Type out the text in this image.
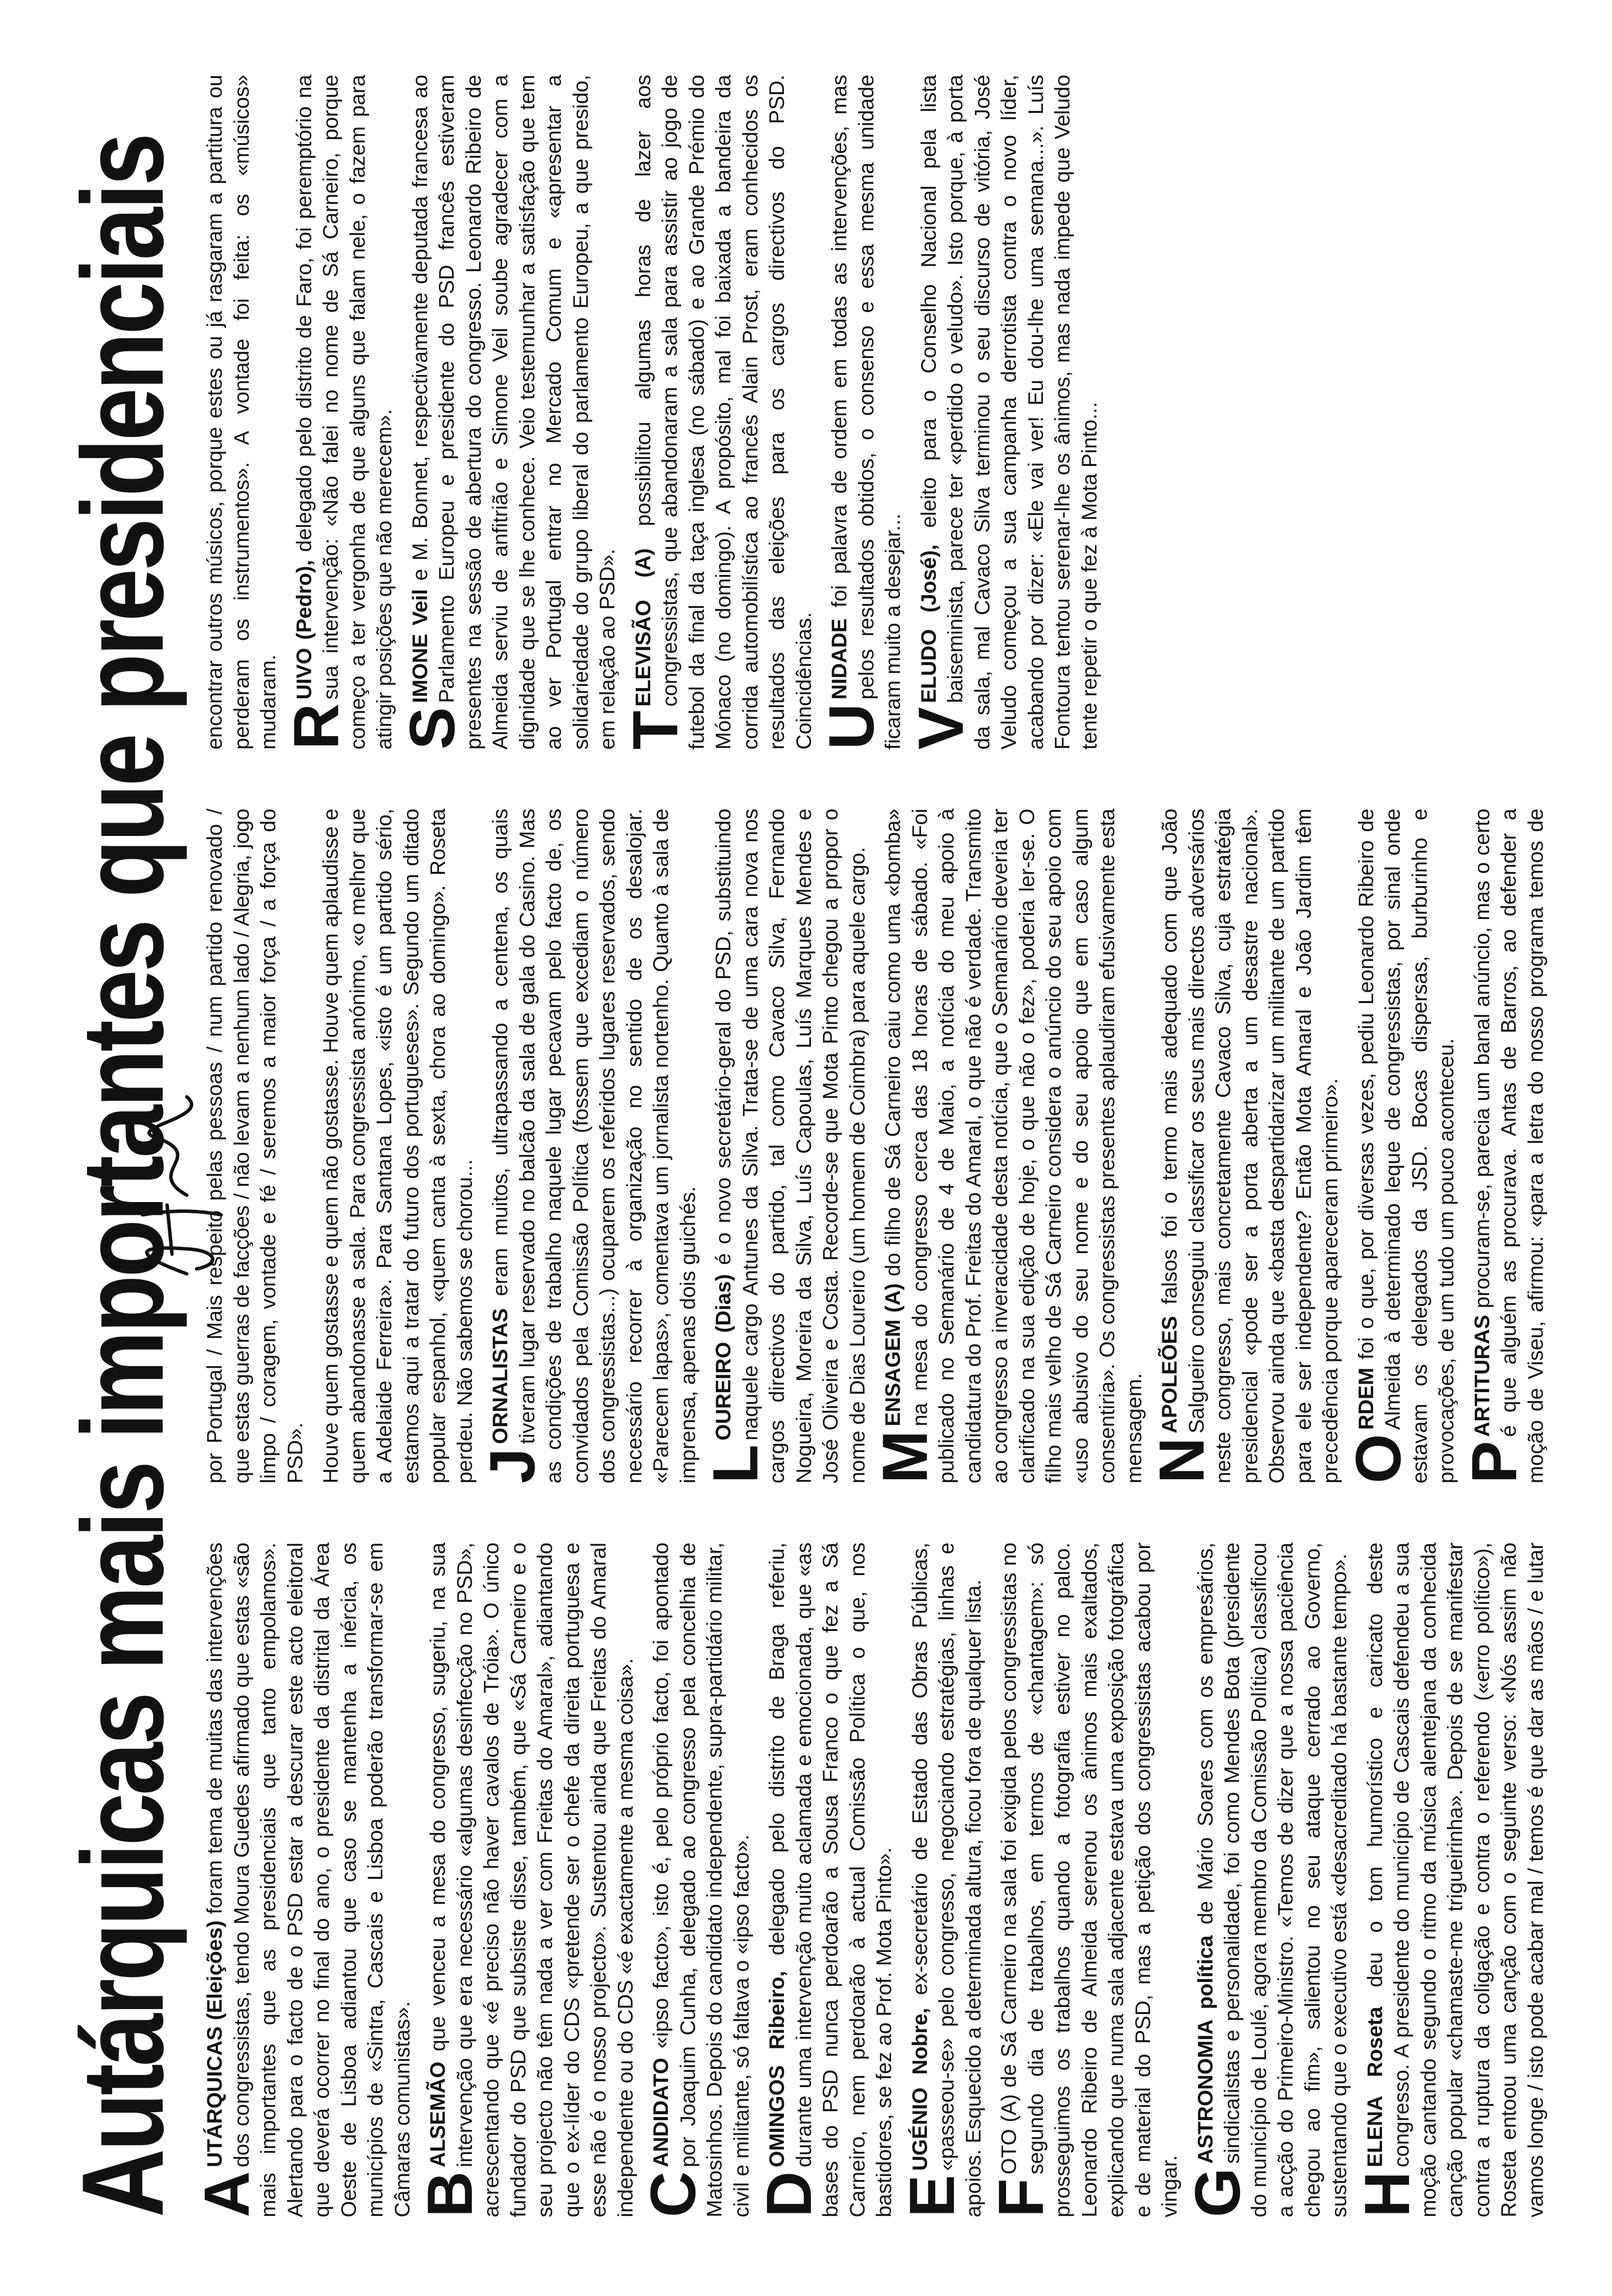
Autárquicas mais importantes que presidenciais A
UTÁRQUICAS (Eleições) foram tema de muitas das intervenções dos congressistas, tendo Moura Guedes afirmado que estas «são mais importantes que as presidenciais que tanto empolamos». Alertando para o facto de o PSD estar a descurar este acto eleitoral que deverá ocorrer no final do ano, o presidente da distrital da Área Oeste de Lisboa adiantou que caso se mantenha a inércia, os municípios de «Sintra, Cascais e Lisboa poderão transformar-se em Câmaras comunistas». B
ALSEMÃO que venceu a mesa do congresso, sugeriu, na sua intervenção que era necessário «algumas desinfecção no PSD», acrescentando que «é preciso não haver cavalos de Tróia». O único fundador do PSD que subsiste disse, também, que «Sá Carneiro e o seu projecto não têm nada a ver com Freitas do Amaral», adiantando que o ex-líder do CDS «pretende ser o chefe da direita portuguesa e esse não é o nosso projecto». Sustentou ainda que Freitas do Amaral independente ou do CDS «é exactamente a mesma coisa». C
ANDIDATO «ipso facto», isto é, pelo próprio facto, foi apontado por Joaquim Cunha, delegado ao congresso pela concelhia de Matosinhos. Depois do candidato independente, supra-partidário militar, civil e militante, só faltava o «ipso facto». D
OMINGOS Ribeiro, delegado pelo distrito de Braga referiu, durante uma intervenção muito aclamada e emocionada, que «as bases do PSD nunca perdoarão a Sousa Franco o que fez a Sá Carneiro, nem perdoarão à actual Comissão Política o que, nos bastidores, se fez ao Prof. Mota Pinto». E
UGÉNIO Nobre, ex-secretário de Estado das Obras Públicas, «passeou-se» pelo congresso, negociando estratégias, linhas e apoios. Esquecido a determinada altura, ficou fora de qualquer lista. F
OTO (A) de Sá Carneiro na sala foi exigida pelos congressistas no segundo dia de trabalhos, em termos de «chantagem»: só prosseguimos os trabalhos quando a fotografia estiver no palco. Leonardo Ribeiro de Almeida serenou os ânimos mais exaltados, explicando que numa sala adjacente estava uma exposição fotográfica e de material do PSD, mas a petição dos congressistas acabou por vingar. G
ASTRONOMIA política de Mário Soares com os empresários, sindicalistas e personalidade, foi como Mendes Bota (presidente do município de Loulé, agora membro da Comissão Política) classificou a acção do Primeiro-Ministro. «Temos de dizer que a nossa paciência chegou ao fim», salientou no seu ataque cerrado ao Governo, sustentando que o executivo está «desacreditado há bastante tempo». H
ELENA Roseta deu o tom humorístico e caricato deste congresso. A presidente do município de Cascais defendeu a sua moção cantando segundo o ritmo da música alentejana da conhecida canção popular «chamaste-me trigueirinha». Depois de se manifestar contra a ruptura da coligação e contra o referendo («erro político»), Roseta entoou uma canção com o seguinte verso: «Nós assim não vamos longe / isto pode acabar mal / temos é que dar as mãos / e lutar por Portugal / Mais respeito pelas pessoas / num partido renovado / que estas guerras de facções / não levam a nenhum lado / Alegria, jogo limpo / coragem, vontade e fé / seremos a maior força / a força do PSD». Houve quem gostasse e quem não gostasse. Houve quem aplaudisse e quem abandonasse a sala. Para congressista anónimo, «o melhor que a Adelaide Ferreira». Para Santana Lopes, «isto é um partido sério, estamos aqui a tratar do futuro dos portugueses». Segundo um ditado popular espanhol, «quem canta à sexta, chora ao domingo». Roseta perdeu. Não sabemos se chorou... J
ORNALISTAS eram muitos, ultrapassando a centena, os quais tiveram lugar reservado no balcão da sala de gala do Casino. Mas as condições de trabalho naquele lugar pecavam pelo facto de, os convidados pela Comissão Política (fossem que excediam o número dos congressistas...) ocuparem os referidos lugares reservados, sendo necessário recorrer à organização no sentido de os desalojar. «Parecem lapas», comentava um jornalista nortenho. Quanto à sala de imprensa, apenas dois guichés. L
OUREIRO (Dias) é o novo secretário-geral do PSD, substituindo naquele cargo Antunes da Silva. Trata-se de uma cara nova nos cargos directivos do partido, tal como Cavaco Silva, Fernando Nogueira, Moreira da Silva, Luís Capoulas, Luís Marques Mendes e José Oliveira e Costa. Recorde-se que Mota Pinto chegou a propor o nome de Dias Loureiro (um homem de Coimbra) para aquele cargo. M
ENSAGEM (A) do filho de Sá Carneiro caiu como uma «bomba» na mesa do congresso cerca das 18 horas de sábado. «Foi publicado no Semanário de 4 de Maio, a notícia do meu apoio à candidatura do Prof. Freitas do Amaral, o que não é verdade. Transmito ao congresso a inveracidade desta notícia, que o Semanário deveria ter clarificado na sua edição de hoje, o que não o fez», poderia ler-se. O filho mais velho de Sá Carneiro considera o anúncio do seu apoio com «uso abusivo do seu nome e do seu apoio que em caso algum consentiria». Os congressistas presentes aplaudiram efusivamente esta mensagem. N
APOLEÕES falsos foi o termo mais adequado com que João Salgueiro conseguiu classificar os seus mais directos adversários neste congresso, mais concretamente Cavaco Silva, cuja estratégia presidencial «pode ser a porta aberta a um desastre nacional». Observou ainda que «basta despartidarizar um militante de um partido para ele ser independente? Então Mota Amaral e João Jardim têm precedência porque apareceram primeiro». O
RDEM foi o que, por diversas vezes, pediu Leonardo Ribeiro de Almeida à determinado leque de congressistas, por sinal onde estavam os delegados da JSD. Bocas dispersas, burburinho e provocações, de um tudo um pouco aconteceu. P
ARTITURAS procuram-se, parecia um banal anúncio, mas o certo é que alguém as procurava. Antas de Barros, ao defender a moção de Viseu, afirmou: «para a letra do nosso programa temos de encontrar outros músicos, porque estes ou já rasgaram a partitura ou perderam os instrumentos». A vontade foi feita: os «músicos» mudaram. R
UIVO (Pedro), delegado pelo distrito de Faro, foi peremptório na sua intervenção: «Não falei no nome de Sá Carneiro, porque começo a ter vergonha de que alguns que falam nele, o fazem para atingir posições que não merecem». S
IMONE Veil e M. Bonnet, respectivamente deputada francesa ao Parlamento Europeu e presidente do PSD francês estiveram presentes na sessão de abertura do congresso. Leonardo Ribeiro de Almeida serviu de anfitrião e Simone Veil soube agradecer com a dignidade que se lhe conhece. Veio testemunhar a satisfação que tem ao ver Portugal entrar no Mercado Comum e «apresentar a solidariedade do grupo liberal do parlamento Europeu, a que presido, em relação ao PSD». T
ELEVISÃO (A) possibilitou algumas horas de lazer aos congressistas, que abandonaram a sala para assistir ao jogo de futebol da final da taça inglesa (no sábado) e ao Grande Prémio do Mónaco (no domingo). A propósito, mal foi baixada a bandeira da corrida automobilística ao francês Alain Prost, eram conhecidos os resultados das eleições para os cargos directivos do PSD. Coincidências. U
NIDADE foi palavra de ordem em todas as intervenções, mas pelos resultados obtidos, o consenso e essa mesma unidade ficaram muito a desejar... V
ELUDO (José), eleito para o Conselho Nacional pela lista baiseminista, parece ter «perdido o veludo». Isto porque, à porta da sala, mal Cavaco Silva terminou o seu discurso de vitória, José Veludo começou a sua campanha derrotista contra o novo líder, acabando por dizer: «Ele vai ver! Eu dou-lhe uma semana...». Luís Fontoura tentou serenar-lhe os ânimos, mas nada impede que Veludo tente repetir o que fez à Mota Pinto...
